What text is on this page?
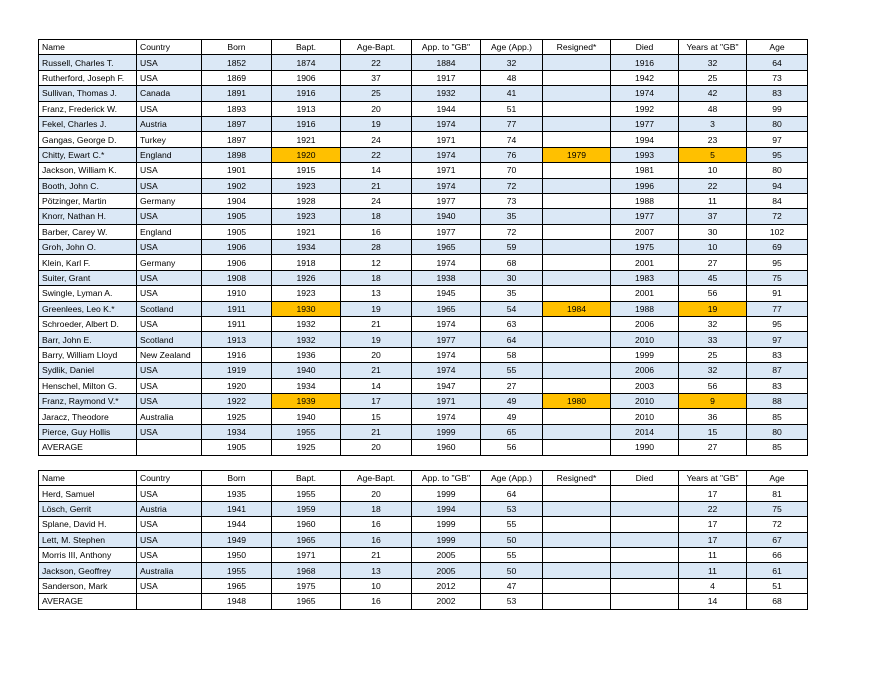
Name	Country	Born	Bapt.	Age-Bapt.	App. to "GB"	Age (App.)	Resigned*	Died	Years at "GB"	Age
Russell, Charles T.	USA	1852	1874	22	1884	32		1916	32	64
Rutherford, Joseph F.	USA	1869	1906	37	1917	48		1942	25	73
Sullivan, Thomas J.	Canada	1891	1916	25	1932	41		1974	42	83
Franz, Frederick W.	USA	1893	1913	20	1944	51		1992	48	99
Fekel, Charles J.	Austria	1897	1916	19	1974	77		1977	3	80
Gangas, George D.	Turkey	1897	1921	24	1971	74		1994	23	97
Chitty, Ewart C.*	England	1898	1920	22	1974	76	1979	1993	5	95
Jackson, William K.	USA	1901	1915	14	1971	70		1981	10	80
Booth, John C.	USA	1902	1923	21	1974	72		1996	22	94
Pötzinger, Martin	Germany	1904	1928	24	1977	73		1988	11	84
Knorr, Nathan H.	USA	1905	1923	18	1940	35		1977	37	72
Barber, Carey W.	England	1905	1921	16	1977	72		2007	30	102
Groh, John O.	USA	1906	1934	28	1965	59		1975	10	69
Klein, Karl F.	Germany	1906	1918	12	1974	68		2001	27	95
Suiter, Grant	USA	1908	1926	18	1938	30		1983	45	75
Swingle, Lyman A.	USA	1910	1923	13	1945	35		2001	56	91
Greenlees, Leo K.*	Scotland	1911	1930	19	1965	54	1984	1988	19	77
Schroeder, Albert D.	USA	1911	1932	21	1974	63		2006	32	95
Barr, John E.	Scotland	1913	1932	19	1977	64		2010	33	97
Barry, William Lloyd	New Zealand	1916	1936	20	1974	58		1999	25	83
Sydlik, Daniel	USA	1919	1940	21	1974	55		2006	32	87
Henschel, Milton G.	USA	1920	1934	14	1947	27		2003	56	83
Franz, Raymond V.*	USA	1922	1939	17	1971	49	1980	2010	9	88
Jaracz, Theodore	Australia	1925	1940	15	1974	49		2010	36	85
Pierce, Guy Hollis	USA	1934	1955	21	1999	65		2014	15	80
AVERAGE		1905	1925	20	1960	56		1990	27	85
Name	Country	Born	Bapt.	Age-Bapt.	App. to "GB"	Age (App.)	Resigned*	Died	Years at "GB"	Age
Herd, Samuel	USA	1935	1955	20	1999	64			17	81
Lösch, Gerrit	Austria	1941	1959	18	1994	53			22	75
Splane, David H.	USA	1944	1960	16	1999	55			17	72
Lett, M. Stephen	USA	1949	1965	16	1999	50			17	67
Morris III, Anthony	USA	1950	1971	21	2005	55			11	66
Jackson, Geoffrey	Australia	1955	1968	13	2005	50			11	61
Sanderson, Mark	USA	1965	1975	10	2012	47			4	51
AVERAGE		1948	1965	16	2002	53			14	68
